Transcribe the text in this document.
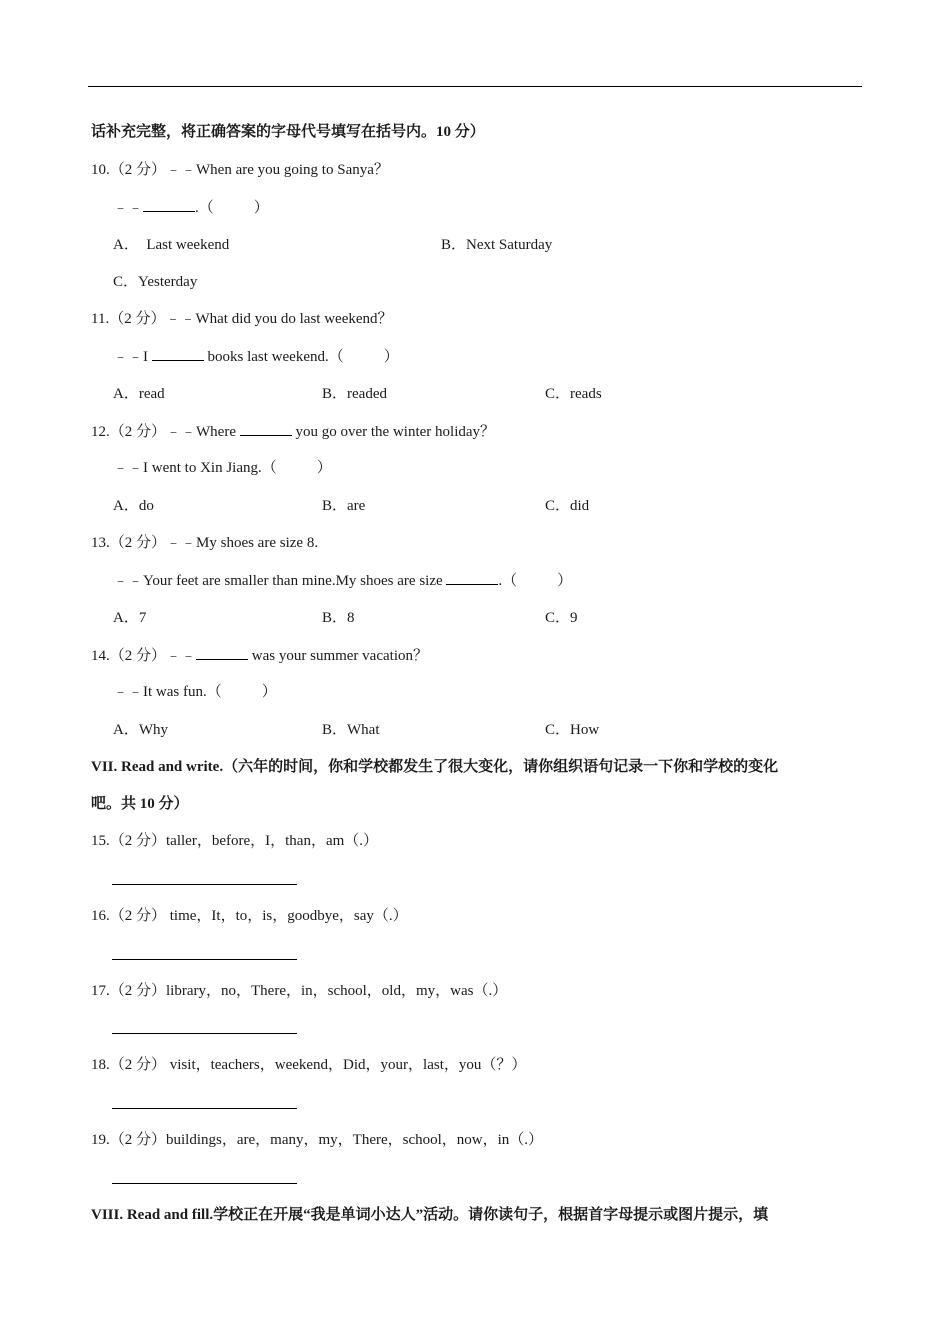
话补充完整，将正确答案的字母代号填写在括号内。10 分）
10.（2 分）﹣﹣When are you going to Sanya？
﹣﹣	.（	）
A． Last weekend	B．Next Saturday
C．Yesterday
11.（2 分）﹣﹣What did you do last weekend？
﹣﹣I	books last weekend.（	）
A．read	B．readed	C．reads
12.（2 分）﹣﹣Where	you go over the winter holiday？
﹣﹣I went to Xin Jiang.（	）
A．do	B．are	C．did
13.（2 分）﹣﹣My shoes are size 8.
﹣﹣Your feet are smaller than mine.My shoes are size	.（	）
A．7	B．8	C．9
14.（2 分）﹣﹣	was your summer vacation？
﹣﹣It was fun.（	）
A．Why	B．What	C．How
VII. Read and write.（六年的时间，你和学校都发生了很大变化，请你组织语句记录一下你和学校的变化
吧。共 10 分）
15.（2 分）taller，before，I，than，am（.）
16.（2 分） time，It，to，is，goodbye，say（.）
17.（2 分）library，no，There，in，school，old，my，was（.）
18.（2 分） visit，teachers，weekend，Did，your，last，you（？）
19.（2 分）buildings，are，many，my，There，school，now，in（.）
VIII. Read and fill.学校正在开展“我是单词小达人”活动。请你读句子，根据首字母提示或图片提示，填
